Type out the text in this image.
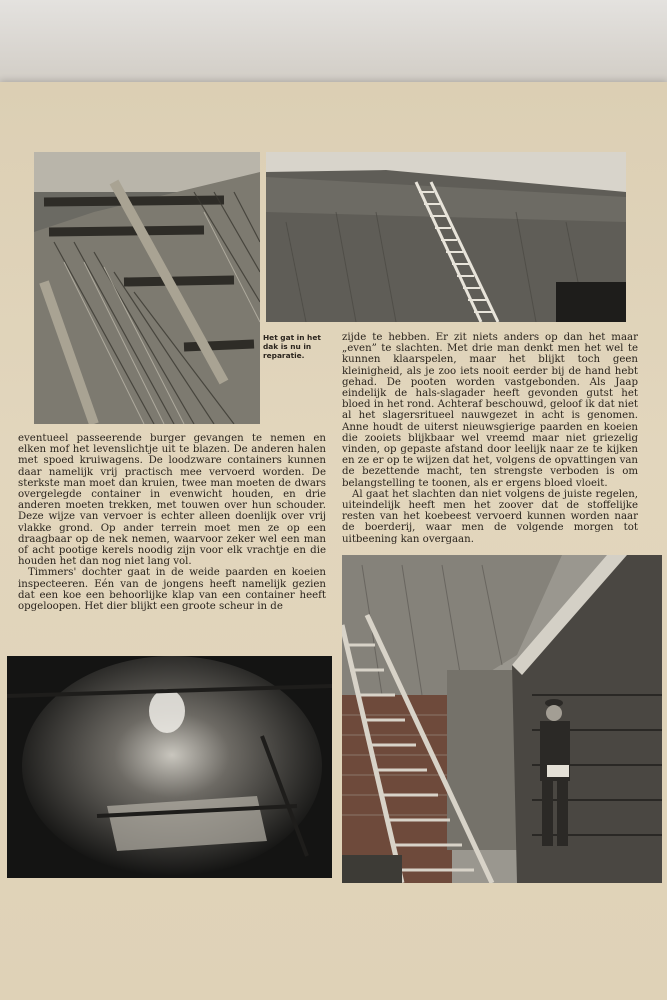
Het gat in het dak is nu in reparatie.

zijde te hebben. Er zit niets anders op dan het maar „even” te slachten. Met drie man denkt men het wel te kunnen klaarspelen, maar het blijkt toch geen kleinigheid, als je zoo iets nooit eerder bij de hand hebt gehad. De pooten worden vastgebonden. Als Jaap eindelijk de hals-slagader heeft gevonden gutst het bloed in het rond. Achteraf beschouwd, geloof ik dat niet al het slagersritueel nauwgezet in acht is genomen. Anne houdt de uiterst nieuwsgierige paarden en koeien die zooiets blijkbaar wel vreemd maar niet griezelig vinden, op gepaste afstand door leelijk naar ze te kijken en ze er op te wijzen dat het, volgens de opvattingen van de bezettende macht, ten strengste verboden is om belangstelling te toonen, als er ergens bloed vloeit.

Al gaat het slachten dan niet volgens de juiste regelen, uiteindelijk heeft men het zoover dat de stoffelijke resten van het koebeest vervoerd kunnen worden naar de boerderij, waar men de volgende morgen tot uitbeening kan overgaan.

eventueel passeerende burger gevangen te nemen en elken mof het levenslichtje uit te blazen. De anderen halen met spoed kruiwagens. De loodzware containers kunnen daar namelijk vrij practisch mee vervoerd worden. De sterkste man moet dan kruien, twee man moeten de dwars overgelegde container in evenwicht houden, en drie anderen moeten trekken, met touwen over hun schouder. Deze wijze van vervoer is echter alleen doenlijk over vrij vlakke grond. Op ander terrein moet men ze op een draagbaar op de nek nemen, waarvoor zeker wel een man of acht pootige kerels noodig zijn voor elk vrachtje en die houden het dan nog niet lang vol.

Timmers' dochter gaat in de weide paarden en koeien inspecteeren. Eén van de jongens heeft namelijk gezien dat een koe een behoorlijke klap van een container heeft opgeloopen. Het dier blijkt een groote scheur in de
